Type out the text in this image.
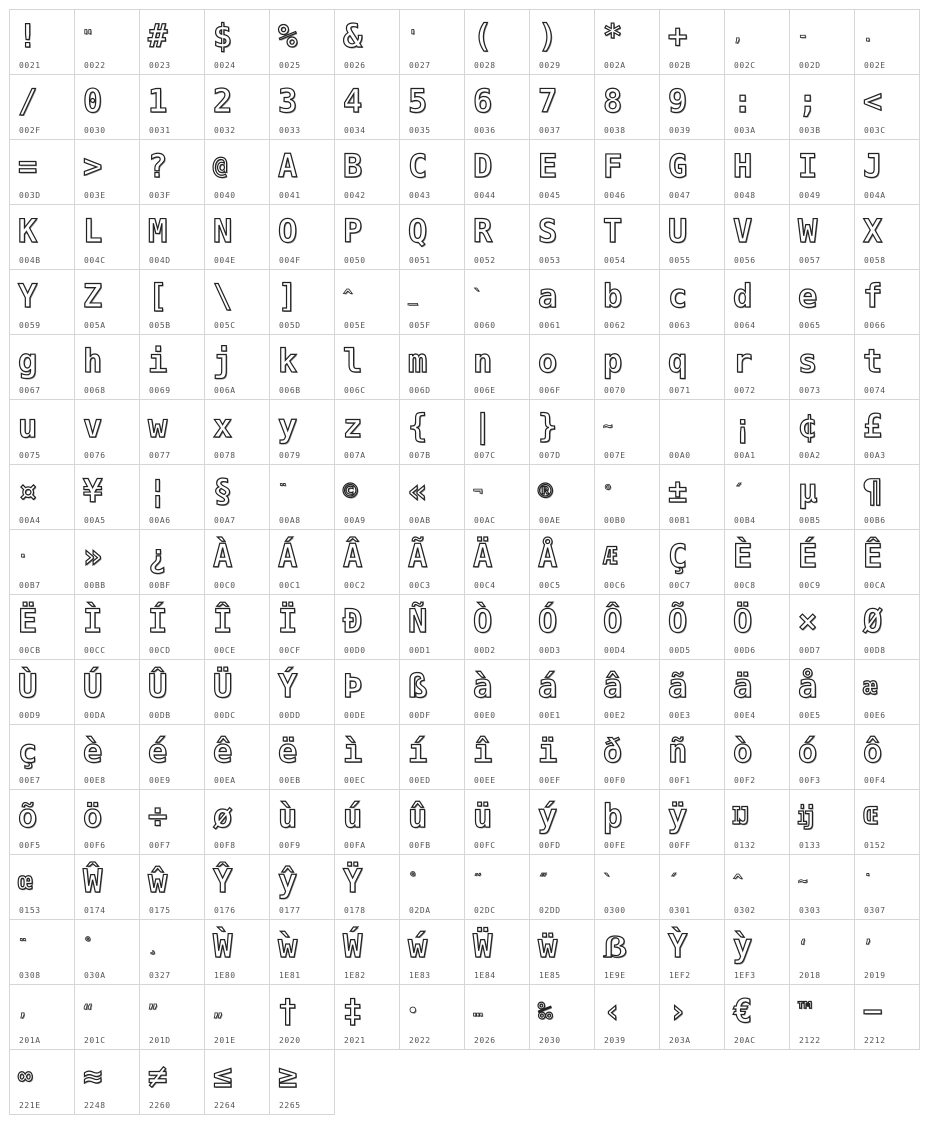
!
0021
"
0022
#
0023
$
0024
%
0025
&
0026
'
0027
(
0028
)
0029
*
002A
+
002B
,
002C
-
002D
.
002E
/
002F
0
0030
1
0031
2
0032
3
0033
4
0034
5
0035
6
0036
7
0037
8
0038
9
0039
:
003A
;
003B
<
003C
=
003D
>
003E
?
003F
@
0040
A
0041
B
0042
C
0043
D
0044
E
0045
F
0046
G
0047
H
0048
I
0049
J
004A
K
004B
L
004C
M
004D
N
004E
O
004F
P
0050
Q
0051
R
0052
S
0053
T
0054
U
0055
V
0056
W
0057
X
0058
Y
0059
Z
005A
[
005B
\
005C
]
005D
^
005E
_
005F
`
0060
a
0061
b
0062
c
0063
d
0064
e
0065
f
0066
g
0067
h
0068
i
0069
j
006A
k
006B
l
006C
m
006D
n
006E
o
006F
p
0070
q
0071
r
0072
s
0073
t
0074
u
0075
v
0076
w
0077
x
0078
y
0079
z
007A
{
007B
|
007C
}
007D
~
007E	00A0
¡
00A1
¢
00A2
£
00A3
¤
00A4
¥
00A5
¦
00A6
§
00A7
¨
00A8
©
00A9
«
00AB
¬
00AC
®
00AE
°
00B0
±
00B1
´
00B4
µ
00B5
¶
00B6
·
00B7
»
00BB
¿
00BF
À
00C0
Á
00C1
Â
00C2
Ã
00C3
Ä
00C4
Å
00C5
Æ
00C6
Ç
00C7
È
00C8
É
00C9
Ê
00CA
Ë
00CB
Ì
00CC
Í
00CD
Î
00CE
Ï
00CF
Ð
00D0
Ñ
00D1
Ò
00D2
Ó
00D3
Ô
00D4
Õ
00D5
Ö
00D6
×
00D7
Ø
00D8
Ù
00D9
Ú
00DA
Û
00DB
Ü
00DC
Ý
00DD
Þ
00DE
ß
00DF
à
00E0
á
00E1
â
00E2
ã
00E3
ä
00E4
å
00E5
æ
00E6
ç
00E7
è
00E8
é
00E9
ê
00EA
ë
00EB
ì
00EC
í
00ED
î
00EE
ï
00EF
ð
00F0
ñ
00F1
ò
00F2
ó
00F3
ô
00F4
õ
00F5
ö
00F6
÷
00F7
ø
00F8
ù
00F9
ú
00FA
û
00FB
ü
00FC
ý
00FD
þ
00FE
ÿ
00FF
Ĳ
0132
ĳ
0133
Œ
0152
œ
0153
Ŵ
0174
ŵ
0175
Ŷ
0176
ŷ
0177
Ÿ
0178
˚
02DA
˜
02DC
˝
02DD
`
0300
´
0301
^
0302
~
0303
˙
0307
¨
0308
˚
030A
¸
0327
Ẁ
1E80
ẁ
1E81
Ẃ
1E82
ẃ
1E83
Ẅ
1E84
ẅ
1E85
ẞ
1E9E
Ỳ
1EF2
ỳ
1EF3
‘
2018
’
2019
‚
201A
“
201C
”
201D
„
201E
†
2020
‡
2021
•
2022
…
2026
‰
2030
‹
2039
›
203A
€
20AC
™
2122
−
2212
∞
221E
≈
2248
≠
2260
≤
2264
≥
2265
